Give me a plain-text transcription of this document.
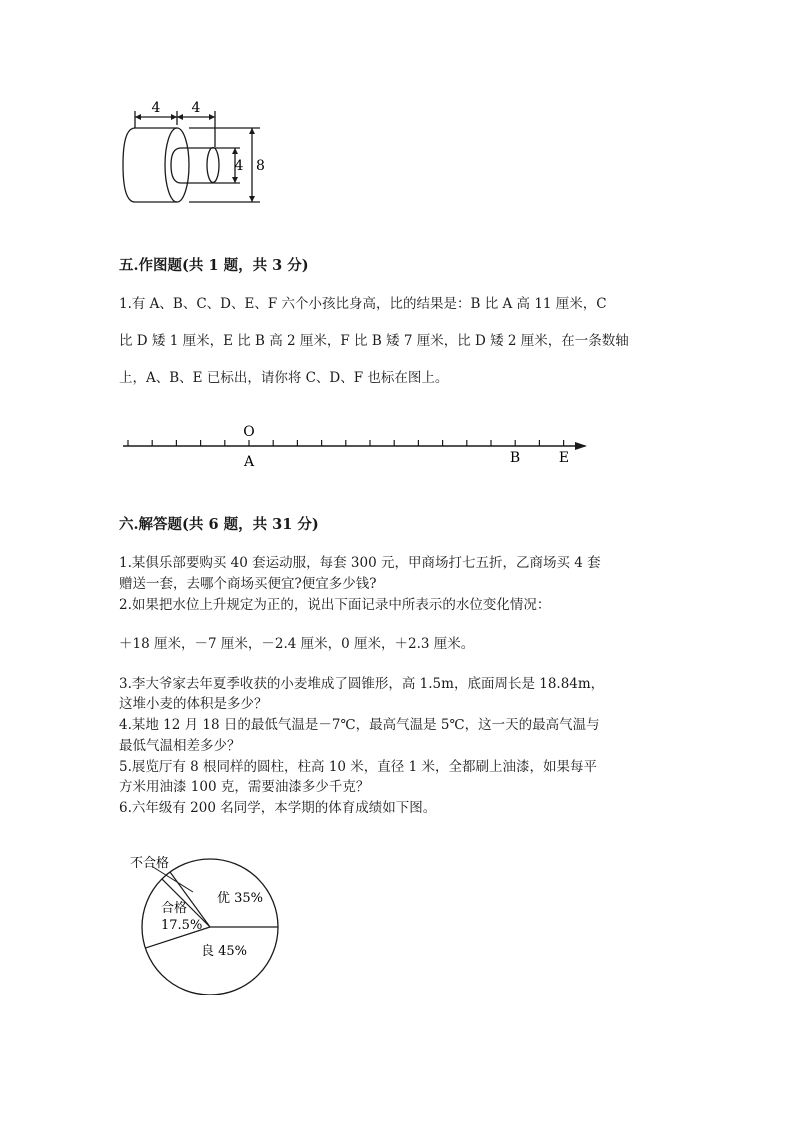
4 4
4 8
五.作图题(共 1 题，共 3 分)
1.有 A、B、C、D、E、F 六个小孩比身高，比的结果是：B 比 A 高 11 厘米，C
比 D 矮 1 厘米，E 比 B 高 2 厘米，F 比 B 矮 7 厘米，比 D 矮 2 厘米，在一条数轴
上，A、B、E 已标出，请你将 C、D、F 也标在图上。
O
A	B	E
六.解答题(共 6 题，共 31 分)
1.某俱乐部要购买 40 套运动服，每套 300 元，甲商场打七五折，乙商场买 4 套
赠送一套，去哪个商场买便宜?便宜多少钱?
2.如果把水位上升规定为正的，说出下面记录中所表示的水位变化情况：
＋18 厘米，－7 厘米，－2.4 厘米，0 厘米，＋2.3 厘米。
3.李大爷家去年夏季收获的小麦堆成了圆锥形，高 1.5m，底面周长是 18.84m，
这堆小麦的体积是多少？
4.某地 12 月 18 日的最低气温是－7℃，最高气温是 5℃，这一天的最高气温与
最低气温相差多少？
5.展览厅有 8 根同样的圆柱，柱高 10 米，直径 1 米，全都刷上油漆，如果每平
方米用油漆 100 克，需要油漆多少千克？
6.六年级有 200 名同学，本学期的体育成绩如下图。
不合格
优 35%
合格
17.5%
良 45%
